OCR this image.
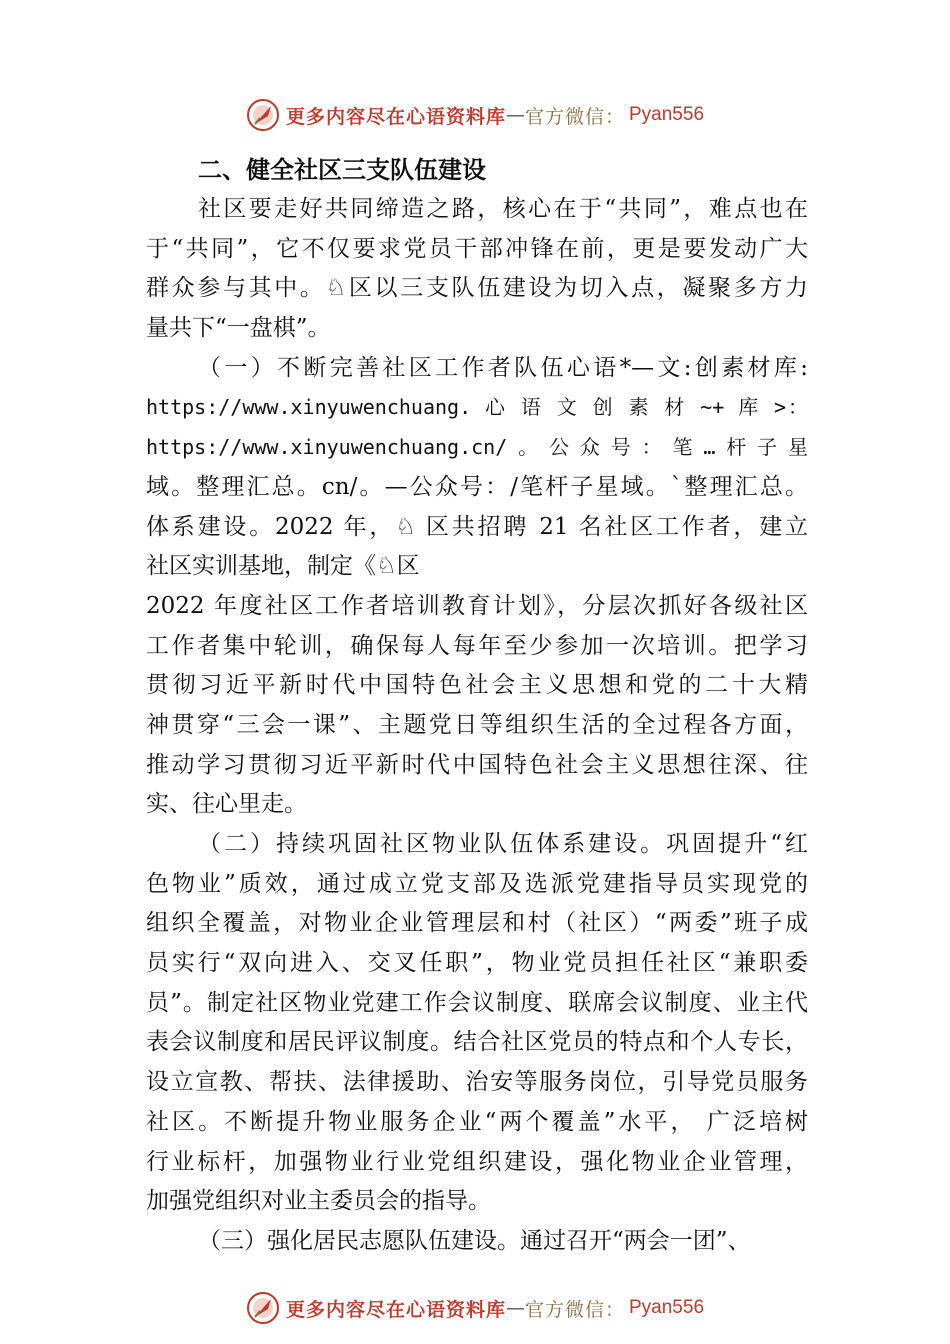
更多内容尽在心语资料库 — 官方微信： Pyan556
二、健全社区三支队伍建设
社区要走好共同缔造之路，核心在于“共同”，难点也在
于“共同”，它不仅要求党员干部冲锋在前，更是要发动广大
群众参与其中。♘区以三支队伍建设为切入点，凝聚多方力
量共下“一盘棋”。
（一）不断完善社区工作者队伍心语*—文:创素材库:
https://www.xinyuwenchuang. 心 语 文 创 素 材 ~+ 库 >：
https://www.xinyuwenchuang.cn/。公众号：笔…杆子星
域。整理汇总。cn/。—公众号：/笔杆子星域。`整理汇总。
体系建设。2022 年，♘ 区共招聘 21 名社区工作者，建立
社区实训基地，制定《♘区
2022 年度社区工作者培训教育计划》，分层次抓好各级社区
工作者集中轮训，确保每人每年至少参加一次培训。把学习
贯彻习近平新时代中国特色社会主义思想和党的二十大精
神贯穿“三会一课”、主题党日等组织生活的全过程各方面，
推动学习贯彻习近平新时代中国特色社会主义思想往深、往
实、往心里走。
（二）持续巩固社区物业队伍体系建设。巩固提升“红
色物业”质效，通过成立党支部及选派党建指导员实现党的
组织全覆盖，对物业企业管理层和村（社区）“两委”班子成
员实行“双向进入、交叉任职”，物业党员担任社区“兼职委
员”。制定社区物业党建工作会议制度、联席会议制度、业主代
表会议制度和居民评议制度。结合社区党员的特点和个人专长，
设立宣教、帮扶、法律援助、治安等服务岗位，引导党员服务
社区。不断提升物业服务企业“两个覆盖”水平， 广泛培树
行业标杆，加强物业行业党组织建设，强化物业企业管理，
加强党组织对业主委员会的指导。
（三）强化居民志愿队伍建设。通过召开“两会一团”、
更多内容尽在心语资料库 — 官方微信： Pyan556
